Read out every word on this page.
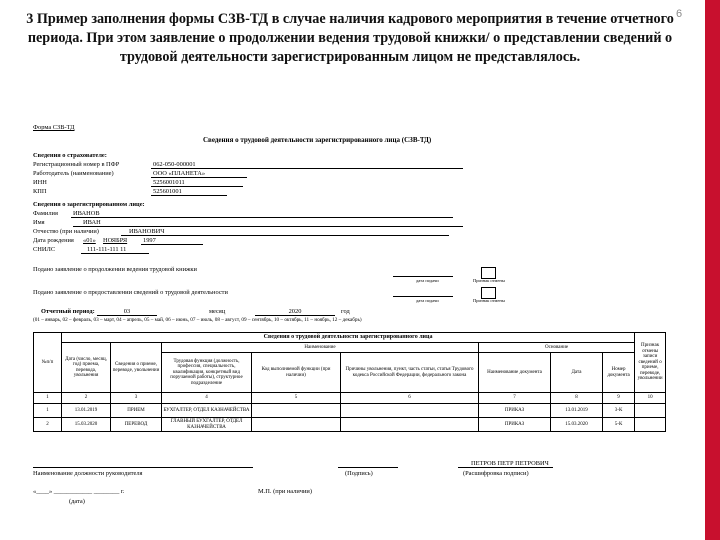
6
3 Пример заполнения формы СЗВ-ТД в случае наличия кадрового мероприятия в течение отчетного периода. При этом заявление о продолжении ведения трудовой книжки/ о представлении сведений о трудовой деятельности зарегистрированным лицом не представлялось.
Форма СЗВ-ТД
Сведения о трудовой деятельности зарегистрированного лица (СЗВ-ТД)
Сведения о страхователе:
Регистрационный номер в ПФР	062-050-000001
Работодатель (наименование)	ООО «ПЛАНЕТА»
ИНН	5256001011
КПП	525601001
Сведения о зарегистрированном лице:
Фамилия	ИВАНОВ
Имя	ИВАН
Отчество (при наличии)	ИВАНОВИЧ
Дата рождения «01» НОЯБРЯ	1997
СНИЛС	111-111-111 11
Подано заявление о продолжении ведения трудовой книжки
дата подачи	Признак отмены
Подано заявление о предоставлении сведений о трудовой деятельности
дата подачи	Признак отмены
Отчетный период:	03	месяц	2020	год
(01 – январь, 02 – февраль, 03 – март, 04 – апрель, 05 – май, 06 – июнь, 07 – июль, 08 – август, 09 – сентябрь, 10 – октябрь, 11 – ноябрь, 12 – декабрь)
№п/п	Сведения о трудовой деятельности зарегистрированного лица								Признак отмены записи сведений о приеме, переводе, увольнении
	Дата (число, месяц, год) приема, перевода, увольнения	Сведения о приеме, переводе, увольнении	Наименование			Основание			
			Трудовая функция (должность, профессия, специальность, квалификация, конкретный вид поручаемой работы), структурное подразделение	Код выполняемой функции (при наличии)	Причины увольнения, пункт, часть статьи, статья Трудового кодекса Российской Федерации, федерального закона	Наименование документа	Дата	Номер документа	
1	2	3	4	5	6	7	8	9	10
1	13.01.2019	ПРИЕМ	БУХГАЛТЕР, ОТДЕЛ КАЗНАЧЕЙСТВА			ПРИКАЗ	13.01.2019	3-К	
2	15.03.2020	ПЕРЕВОД	ГЛАВНЫЙ БУХГАЛТЕР, ОТДЕЛ КАЗНАЧЕЙСТВА			ПРИКАЗ	15.03.2020	5-К	
Наименование должности руководителя	(Подпись)
ПЕТРОВ ПЕТР ПЕТРОВИЧ
(Расшифровка подписи)
«____» ____________ ________ г.
(дата)
М.П. (при наличии)
